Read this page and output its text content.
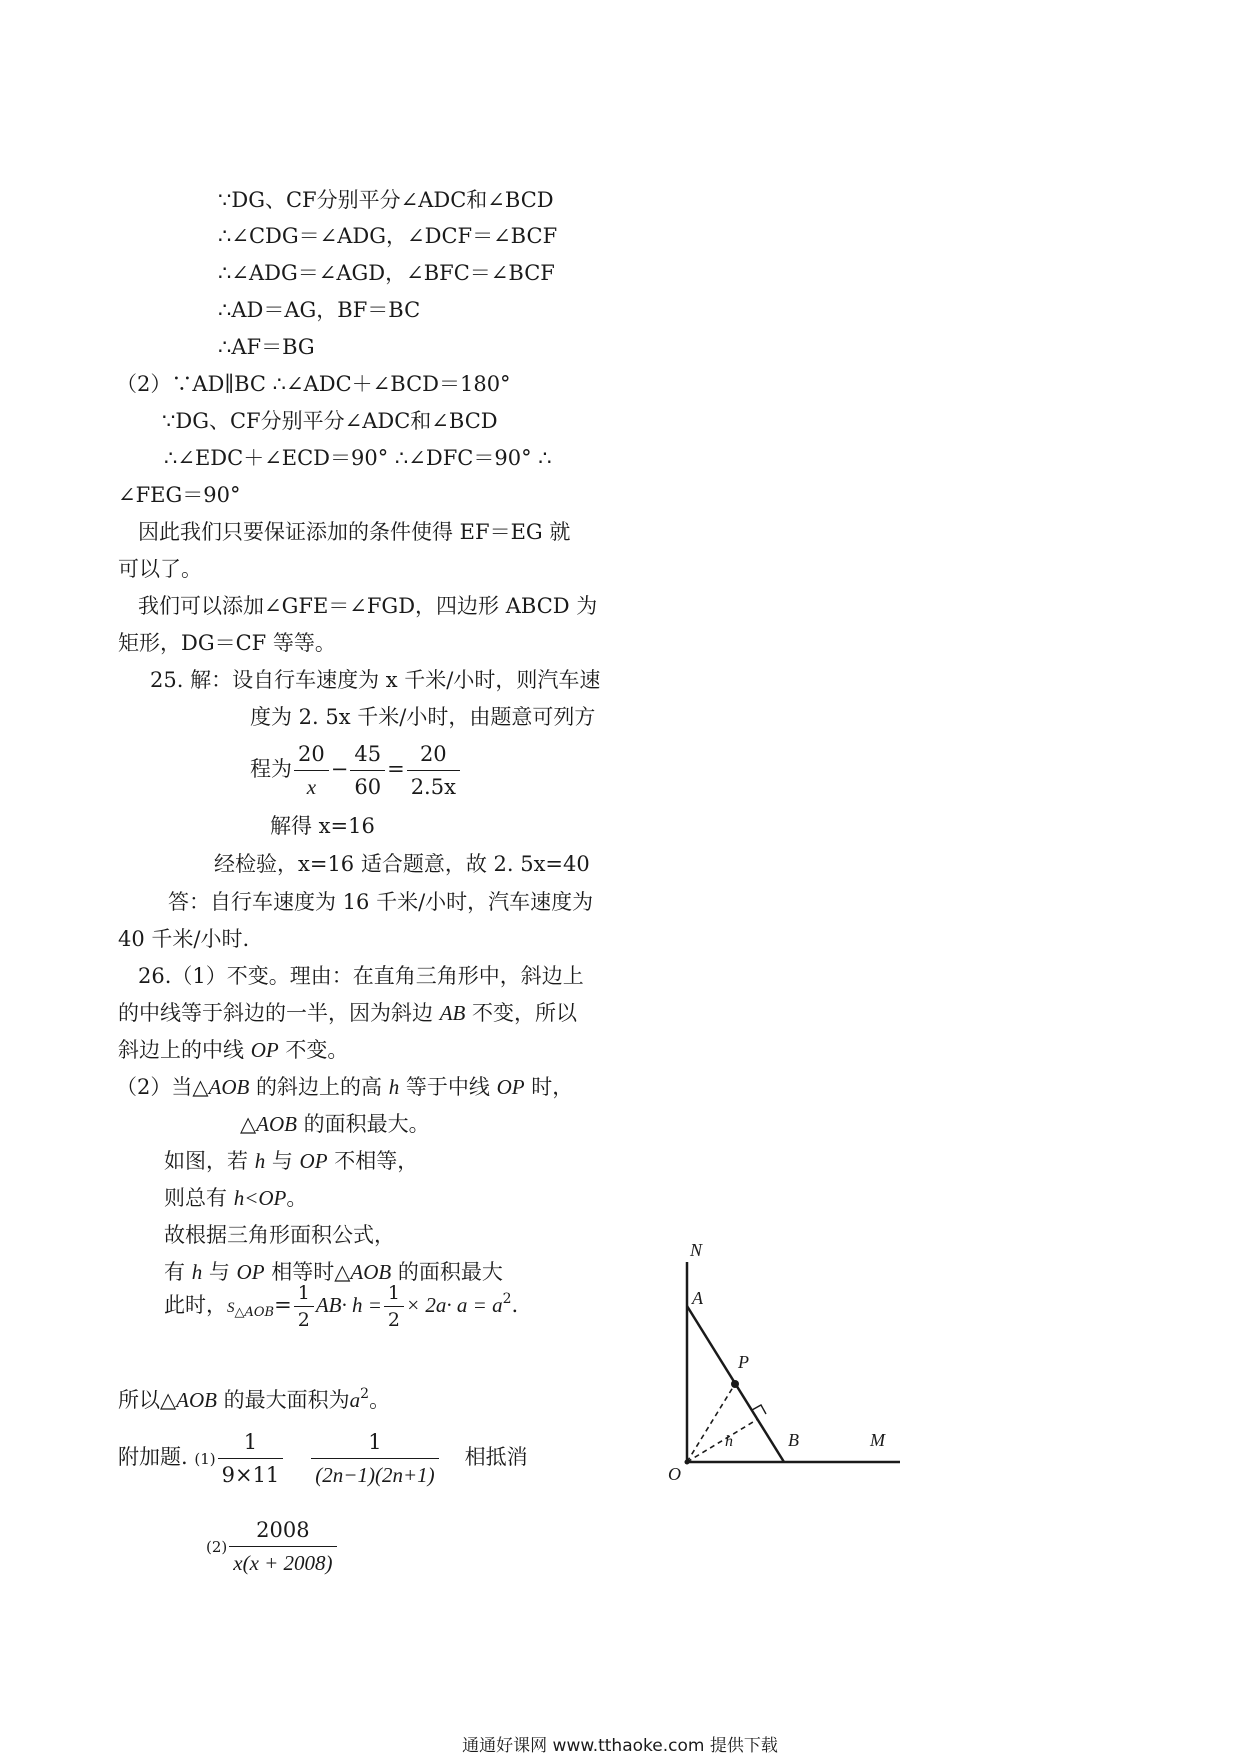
∵DG、CF分别平分∠ADC和∠BCD
∴∠CDG＝∠ADG，∠DCF＝∠BCF
∴∠ADG＝∠AGD，∠BFC＝∠BCF
∴AD＝AG，BF＝BC
∴AF＝BG
（2）∵AD∥BC ∴∠ADC＋∠BCD＝180°
∵DG、CF分别平分∠ADC和∠BCD
∴∠EDC＋∠ECD＝90° ∴∠DFC＝90° ∴
∠FEG＝90°
因此我们只要保证添加的条件使得 EF＝EG 就
可以了。
我们可以添加∠GFE＝∠FGD，四边形 ABCD 为
矩形，DG＝CF 等等。
25. 解：设自行车速度为 x 千米/小时，则汽车速
度为 2. 5x 千米/小时，由题意可列方
程为 $\frac{20}{x} - \frac{45}{60} = \frac{20}{2.5x}$
解得 x=16
经检验，x=16 适合题意，故 2. 5x=40
答：自行车速度为 16 千米/小时，汽车速度为
40 千米/小时.
26.（1）不变。理由：在直角三角形中，斜边上
的中线等于斜边的一半，因为斜边 AB 不变，所以
斜边上的中线 OP 不变。
（2）当△AOB 的斜边上的高 h 等于中线 OP 时，
△AOB 的面积最大。
如图，若 h 与 OP 不相等，
则总有 h<OP。
故根据三角形面积公式，
有 h 与 OP 相等时△AOB 的面积最大
此时，$S_{\triangle AOB}= \frac{1}{2} AB\cdot h = \frac{1}{2} \times 2a\cdot a = a^2$.
所以△AOB 的最大面积为$a^2$。
附加题. $(1) \frac{1}{9\times 11} \frac{1}{(2n-1)(2n+1)}$ 相抵消
$(2) \frac{2008}{x(x + 2008)}$
N
A
P
h	B	M
O
通通好课网 www.tthaoke.com 提供下载
